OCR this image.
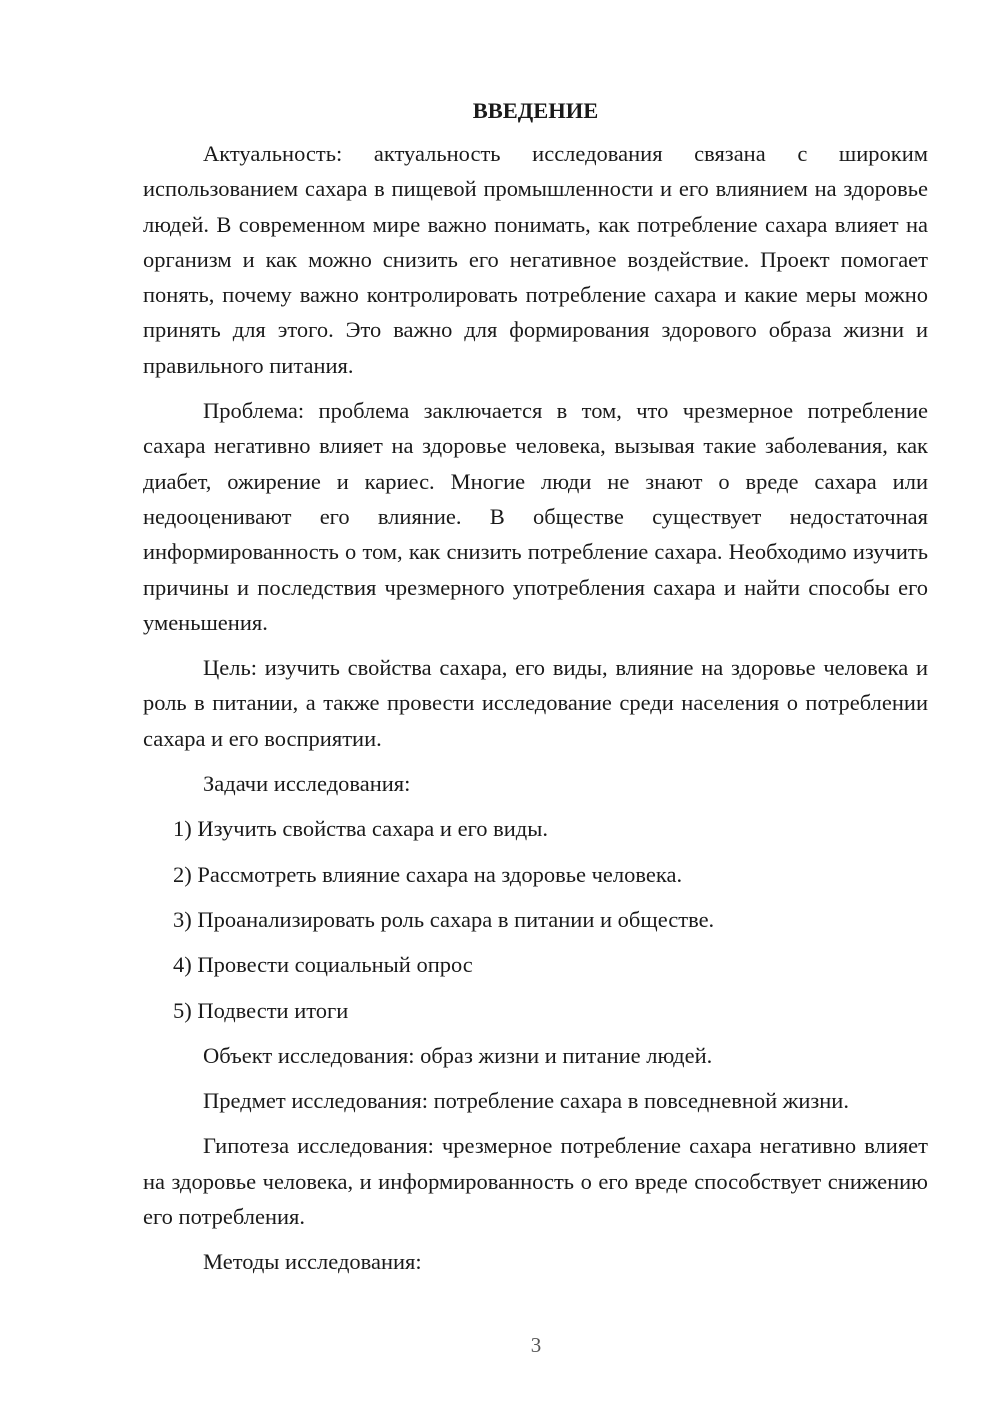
ВВЕДЕНИЕ

Актуальность: актуальность исследования связана с широким использованием сахара в пищевой промышленности и его влиянием на здоровье людей. В современном мире важно понимать, как потребление сахара влияет на организм и как можно снизить его негативное воздействие. Проект помогает понять, почему важно контролировать потребление сахара и какие меры можно принять для этого. Это важно для формирования здорового образа жизни и правильного питания.

Проблема: проблема заключается в том, что чрезмерное потребление сахара негативно влияет на здоровье человека, вызывая такие заболевания, как диабет, ожирение и кариес. Многие люди не знают о вреде сахара или недооценивают его влияние. В обществе существует недостаточная информированность о том, как снизить потребление сахара. Необходимо изучить причины и последствия чрезмерного употребления сахара и найти способы его уменьшения.

Цель: изучить свойства сахара, его виды, влияние на здоровье человека и роль в питании, а также провести исследование среди населения о потреблении сахара и его восприятии.

Задачи исследования:

1) Изучить свойства сахара и его виды.
2) Рассмотреть влияние сахара на здоровье человека.
3) Проанализировать роль сахара в питании и обществе.
4) Провести социальный опрос
5) Подвести итоги

Объект исследования: образ жизни и питание людей.

Предмет исследования: потребление сахара в повседневной жизни.

Гипотеза исследования: чрезмерное потребление сахара негативно влияет на здоровье человека, и информированность о его вреде способствует снижению его потребления.

Методы исследования:

3
